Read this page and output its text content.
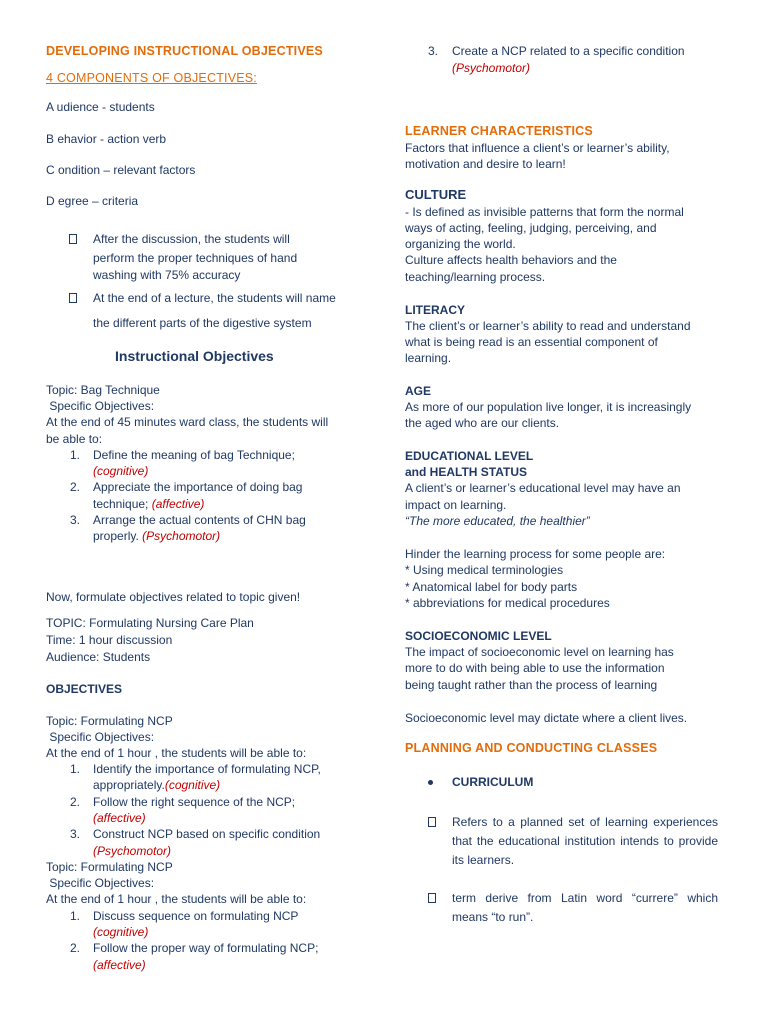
DEVELOPING INSTRUCTIONAL OBJECTIVES
4 COMPONENTS OF OBJECTIVES:
A udience - students
B ehavior - action verb
C ondition – relevant factors
D egree – criteria
After the discussion, the students will
perform the proper techniques of hand
washing with 75% accuracy
At the end of a lecture, the students will name
the different parts of the digestive system
Instructional Objectives
Topic: Bag Technique
Specific Objectives:
At the end of 45 minutes ward class, the students will
be able to:
1. Define the meaning of bag Technique;
(cognitive)
2. Appreciate the importance of doing bag
technique; (affective)
3. Arrange the actual contents of CHN bag
properly. (Psychomotor)
Now, formulate objectives related to topic given!
TOPIC: Formulating Nursing Care Plan
Time: 1 hour discussion
Audience: Students
OBJECTIVES
Topic: Formulating NCP
Specific Objectives:
At the end of 1 hour , the students will be able to:
1. Identify the importance of formulating NCP,
appropriately.(cognitive)
2. Follow the right sequence of the NCP;
(affective)
3. Construct NCP based on specific condition
(Psychomotor)
Topic: Formulating NCP
Specific Objectives:
At the end of 1 hour , the students will be able to:
1. Discuss sequence on formulating NCP
(cognitive)
2. Follow the proper way of formulating NCP;
(affective)
3. Create a NCP related to a specific condition
(Psychomotor)
LEARNER CHARACTERISTICS
Factors that influence a client’s or learner’s ability,
motivation and desire to learn!
CULTURE
- Is defined as invisible patterns that form the normal
ways of acting, feeling, judging, perceiving, and
organizing the world.
Culture affects health behaviors and the
teaching/learning process.
LITERACY
The client’s or learner’s ability to read and understand
what is being read is an essential component of
learning.
AGE
As more of our population live longer, it is increasingly
the aged who are our clients.
EDUCATIONAL LEVEL
and HEALTH STATUS
A client’s or learner’s educational level may have an
impact on learning.
“The more educated, the healthier”
Hinder the learning process for some people are:
* Using medical terminologies
* Anatomical label for body parts
* abbreviations for medical procedures
SOCIOECONOMIC LEVEL
The impact of socioeconomic level on learning has
more to do with being able to use the information
being taught rather than the process of learning
Socioeconomic level may dictate where a client lives.
PLANNING AND CONDUCTING CLASSES
CURRICULUM
Refers to a planned set of learning experiences that the educational institution intends to provide its learners.
term derive from Latin word “currere” which means “to run”.
